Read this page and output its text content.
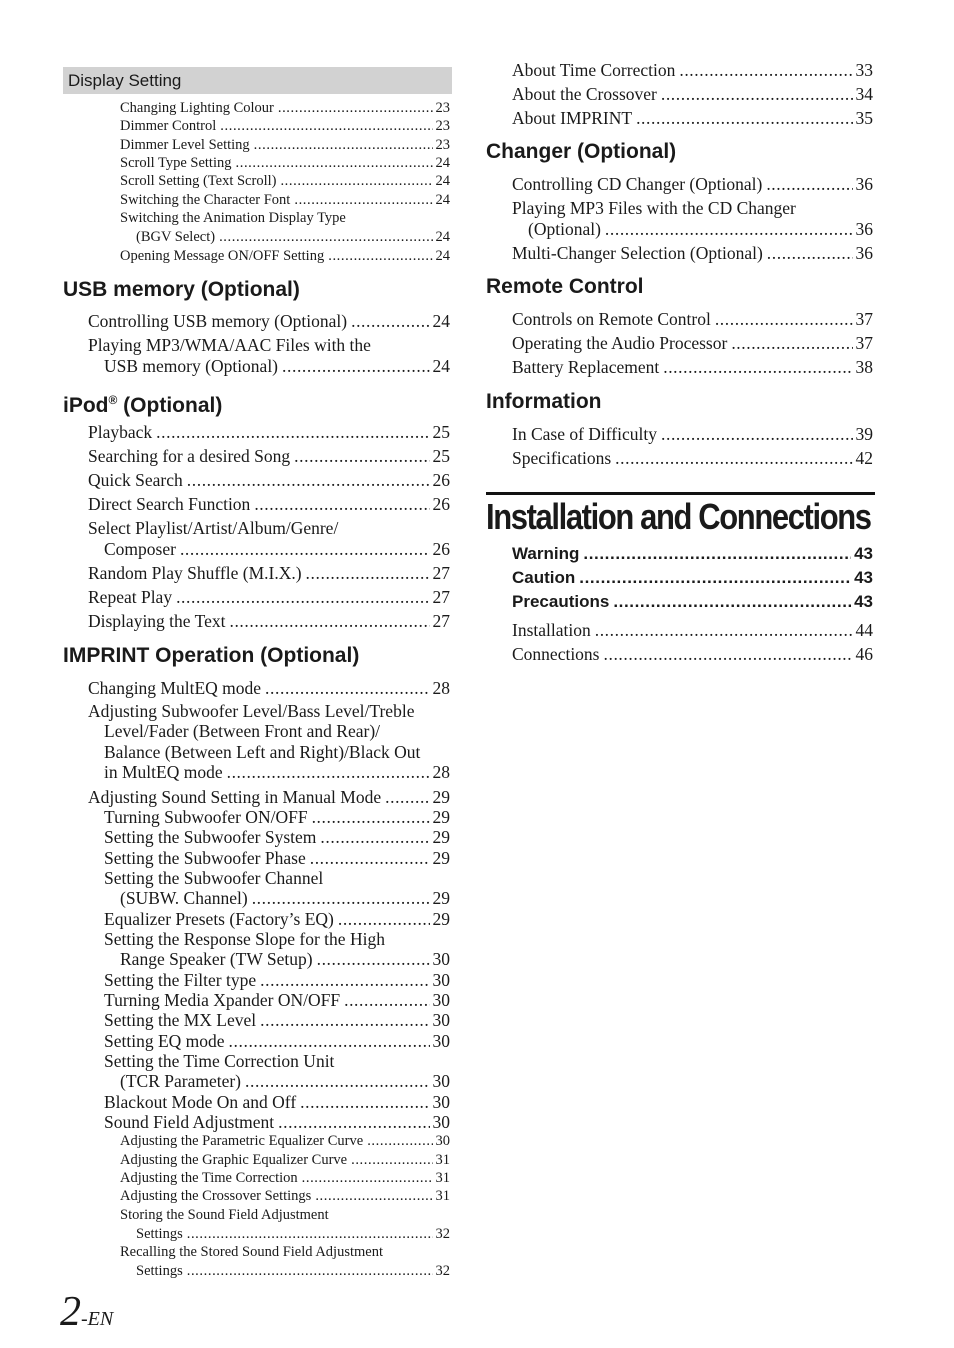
Display Setting
Changing Lighting Colour .....	23
Dimmer Control .....	23
Dimmer Level Setting .....	23
Scroll Type Setting .....	24
Scroll Setting (Text Scroll) .....	24
Switching the Character Font .....	24
Switching the Animation Display Type
(BGV Select) .....	24
Opening Message ON/OFF Setting .....	24
USB memory (Optional)
Controlling USB memory (Optional) .....	24
Playing MP3/WMA/AAC Files with the
USB memory (Optional) .....	24
iPod® (Optional)
Playback .....	25
Searching for a desired Song .....	25
Quick Search .....	26
Direct Search Function .....	26
Select Playlist/Artist/Album/Genre/
Composer .....	26
Random Play Shuffle (M.I.X.) .....	27
Repeat Play .....	27
Displaying the Text .....	27
IMPRINT Operation (Optional)
Changing MultEQ mode .....	28
Adjusting Subwoofer Level/Bass Level/Treble
Level/Fader (Between Front and Rear)/
Balance (Between Left and Right)/Black Out
in MultEQ mode .....	28
Adjusting Sound Setting in Manual Mode .....	29
Turning Subwoofer ON/OFF .....	29
Setting the Subwoofer System .....	29
Setting the Subwoofer Phase .....	29
Setting the Subwoofer Channel
(SUBW. Channel) .....	29
Equalizer Presets (Factory’s EQ) .....	29
Setting the Response Slope for the High
Range Speaker (TW Setup) .....	30
Setting the Filter type .....	30
Turning Media Xpander ON/OFF .....	30
Setting the MX Level .....	30
Setting EQ mode .....	30
Setting the Time Correction Unit
(TCR Parameter) .....	30
Blackout Mode On and Off .....	30
Sound Field Adjustment .....	30
Adjusting the Parametric Equalizer Curve .....	30
Adjusting the Graphic Equalizer Curve .....	31
Adjusting the Time Correction .....	31
Adjusting the Crossover Settings .....	31
Storing the Sound Field Adjustment
Settings .....	32
Recalling the Stored Sound Field Adjustment
Settings .....	32
About Time Correction .....	33
About the Crossover .....	34
About IMPRINT .....	35
Changer (Optional)
Controlling CD Changer (Optional) .....	36
Playing MP3 Files with the CD Changer
(Optional) .....	36
Multi-Changer Selection (Optional) .....	36
Remote Control
Controls on Remote Control .....	37
Operating the Audio Processor .....	37
Battery Replacement .....	38
Information
In Case of Difficulty .....	39
Specifications .....	42
Installation and Connections
Warning .....	43
Caution .....	43
Precautions .....	43
Installation .....	44
Connections .....	46
2-EN
